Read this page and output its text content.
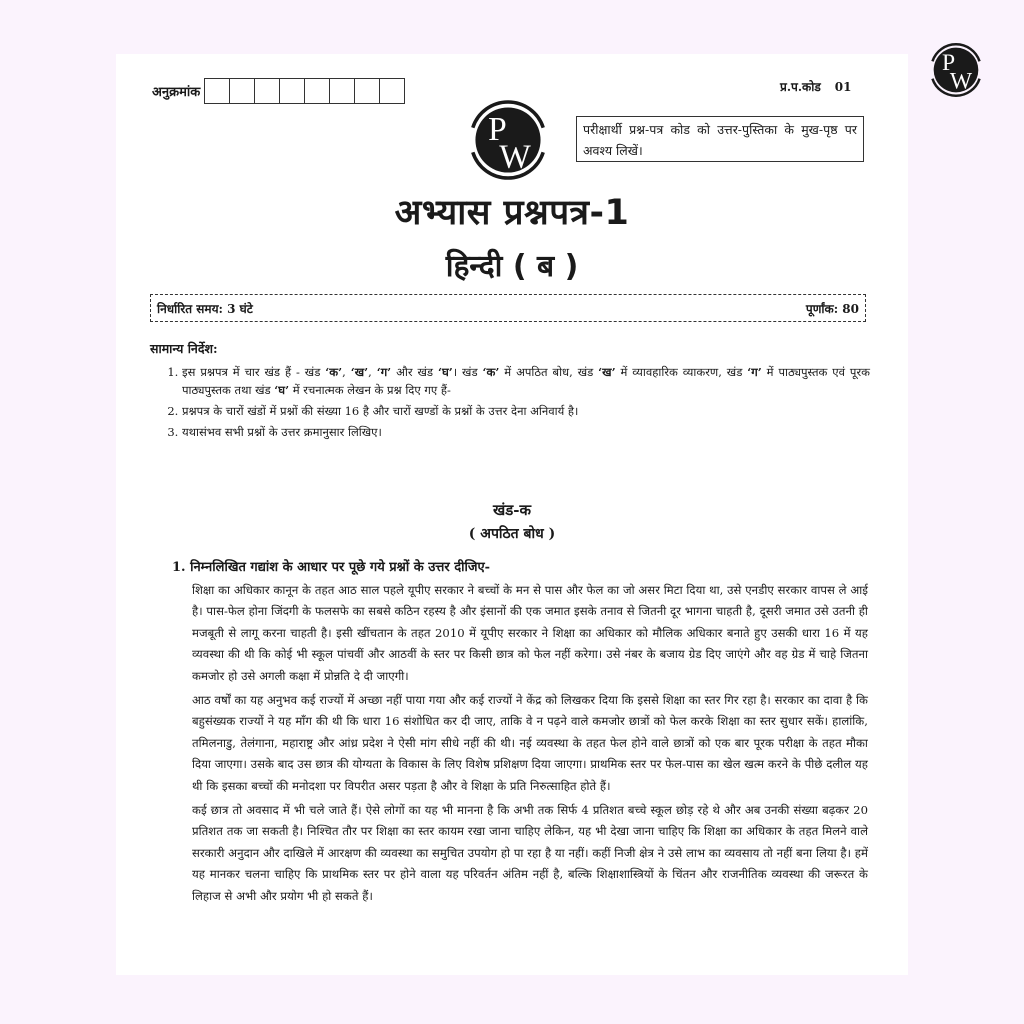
P
W
अनुक्रमांक	प्र.प.कोड 01
P
W
परीक्षार्थी प्रश्न-पत्र कोड को उत्तर-पुस्तिका के मुख-पृष्ठ पर अवश्य लिखें।
अभ्यास प्रश्नपत्र-1
हिन्दी ( ब )
निर्धारित समय: 3 घंटे	पूर्णांक: 80
सामान्य निर्देश:
1. इस प्रश्नपत्र में चार खंड हैं - खंड ‘क’, ‘ख’, ‘ग’ और खंड ‘घ’। खंड ‘क’ में अपठित बोध, खंड ‘ख’ में व्यावहारिक व्याकरण, खंड ‘ग’ में पाठ्यपुस्तक एवं पूरक पाठ्यपुस्तक तथा खंड ‘घ’ में रचनात्मक लेखन के प्रश्न दिए गए हैं-
2. प्रश्नपत्र के चारों खंडों में प्रश्नों की संख्या 16 है और चारों खण्डों के प्रश्नों के उत्तर देना अनिवार्य है।
3. यथासंभव सभी प्रश्नों के उत्तर क्रमानुसार लिखिए।
खंड-क
( अपठित बोध )
1. निम्नलिखित गद्यांश के आधार पर पूछे गये प्रश्नों के उत्तर दीजिए-

शिक्षा का अधिकार कानून के तहत आठ साल पहले यूपीए सरकार ने बच्चों के मन से पास और फेल का जो असर मिटा दिया था, उसे एनडीए सरकार वापस ले आई है। पास-फेल होना जिंदगी के फलसफे का सबसे कठिन रहस्य है और इंसानों की एक जमात इसके तनाव से जितनी दूर भागना चाहती है, दूसरी जमात उसे उतनी ही मजबूती से लागू करना चाहती है। इसी खींचतान के तहत 2010 में यूपीए सरकार ने शिक्षा का अधिकार को मौलिक अधिकार बनाते हुए उसकी धारा 16 में यह व्यवस्था की थी कि कोई भी स्कूल पांचवीं और आठवीं के स्तर पर किसी छात्र को फेल नहीं करेगा। उसे नंबर के बजाय ग्रेड दिए जाएंगे और वह ग्रेड में चाहे जितना कमजोर हो उसे अगली कक्षा में प्रोन्नति दे दी जाएगी।

आठ वर्षों का यह अनुभव कई राज्यों में अच्छा नहीं पाया गया और कई राज्यों ने केंद्र को लिखकर दिया कि इससे शिक्षा का स्तर गिर रहा है। सरकार का दावा है कि बहुसंख्यक राज्यों ने यह माँग की थी कि धारा 16 संशोधित कर दी जाए, ताकि वे न पढ़ने वाले कमजोर छात्रों को फेल करके शिक्षा का स्तर सुधार सकें। हालांकि, तमिलनाडु, तेलंगाना, महाराष्ट्र और आंध्र प्रदेश ने ऐसी मांग सीधे नहीं की थी। नई व्यवस्था के तहत फेल होने वाले छात्रों को एक बार पूरक परीक्षा के तहत मौका दिया जाएगा। उसके बाद उस छात्र की योग्यता के विकास के लिए विशेष प्रशिक्षण दिया जाएगा। प्राथमिक स्तर पर फेल-पास का खेल खत्म करने के पीछे दलील यह थी कि इसका बच्चों की मनोदशा पर विपरीत असर पड़ता है और वे शिक्षा के प्रति निरुत्साहित होते हैं।

कई छात्र तो अवसाद में भी चले जाते हैं। ऐसे लोगों का यह भी मानना है कि अभी तक सिर्फ 4 प्रतिशत बच्चे स्कूल छोड़ रहे थे और अब उनकी संख्या बढ़कर 20 प्रतिशत तक जा सकती है। निश्चित तौर पर शिक्षा का स्तर कायम रखा जाना चाहिए लेकिन, यह भी देखा जाना चाहिए कि शिक्षा का अधिकार के तहत मिलने वाले सरकारी अनुदान और दाखिले में आरक्षण की व्यवस्था का समुचित उपयोग हो पा रहा है या नहीं। कहीं निजी क्षेत्र ने उसे लाभ का व्यवसाय तो नहीं बना लिया है। हमें यह मानकर चलना चाहिए कि प्राथमिक स्तर पर होने वाला यह परिवर्तन अंतिम नहीं है, बल्कि शिक्षाशास्त्रियों के चिंतन और राजनीतिक व्यवस्था की जरूरत के लिहाज से अभी और प्रयोग भी हो सकते हैं।
